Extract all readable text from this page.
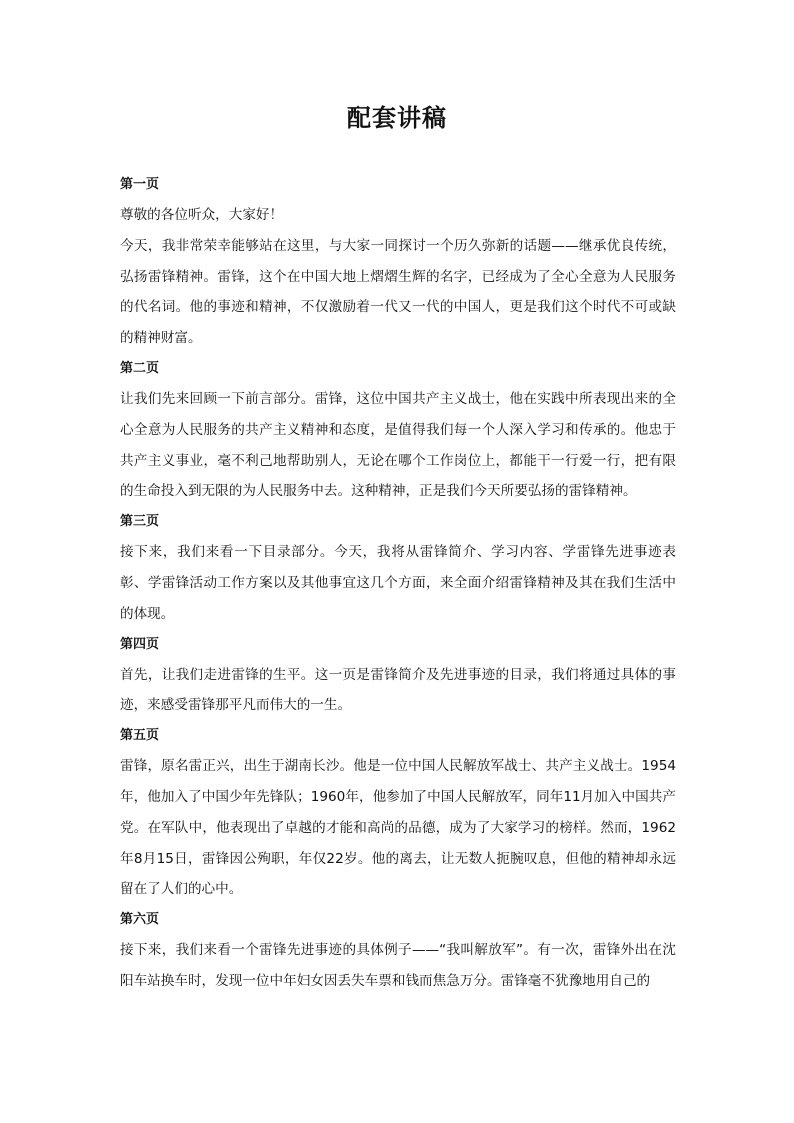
配套讲稿

第一页

尊敬的各位听众，大家好！

今天，我非常荣幸能够站在这里，与大家一同探讨一个历久弥新的话题——继承优良传统，弘扬雷锋精神。雷锋，这个在中国大地上熠熠生辉的名字，已经成为了全心全意为人民服务的代名词。他的事迹和精神，不仅激励着一代又一代的中国人，更是我们这个时代不可或缺的精神财富。

第二页

让我们先来回顾一下前言部分。雷锋，这位中国共产主义战士，他在实践中所表现出来的全心全意为人民服务的共产主义精神和态度，是值得我们每一个人深入学习和传承的。他忠于共产主义事业，毫不利己地帮助别人，无论在哪个工作岗位上，都能干一行爱一行，把有限的生命投入到无限的为人民服务中去。这种精神，正是我们今天所要弘扬的雷锋精神。

第三页

接下来，我们来看一下目录部分。今天，我将从雷锋简介、学习内容、学雷锋先进事迹表彰、学雷锋活动工作方案以及其他事宜这几个方面，来全面介绍雷锋精神及其在我们生活中的体现。

第四页

首先，让我们走进雷锋的生平。这一页是雷锋简介及先进事迹的目录，我们将通过具体的事迹，来感受雷锋那平凡而伟大的一生。

第五页

雷锋，原名雷正兴，出生于湖南长沙。他是一位中国人民解放军战士、共产主义战士。1954年，他加入了中国少年先锋队；1960年，他参加了中国人民解放军，同年11月加入中国共产党。在军队中，他表现出了卓越的才能和高尚的品德，成为了大家学习的榜样。然而，1962年8月15日，雷锋因公殉职，年仅22岁。他的离去，让无数人扼腕叹息，但他的精神却永远留在了人们的心中。

第六页

接下来，我们来看一个雷锋先进事迹的具体例子——“我叫解放军”。有一次，雷锋外出在沈阳车站换车时，发现一位中年妇女因丢失车票和钱而焦急万分。雷锋毫不犹豫地用自己的
